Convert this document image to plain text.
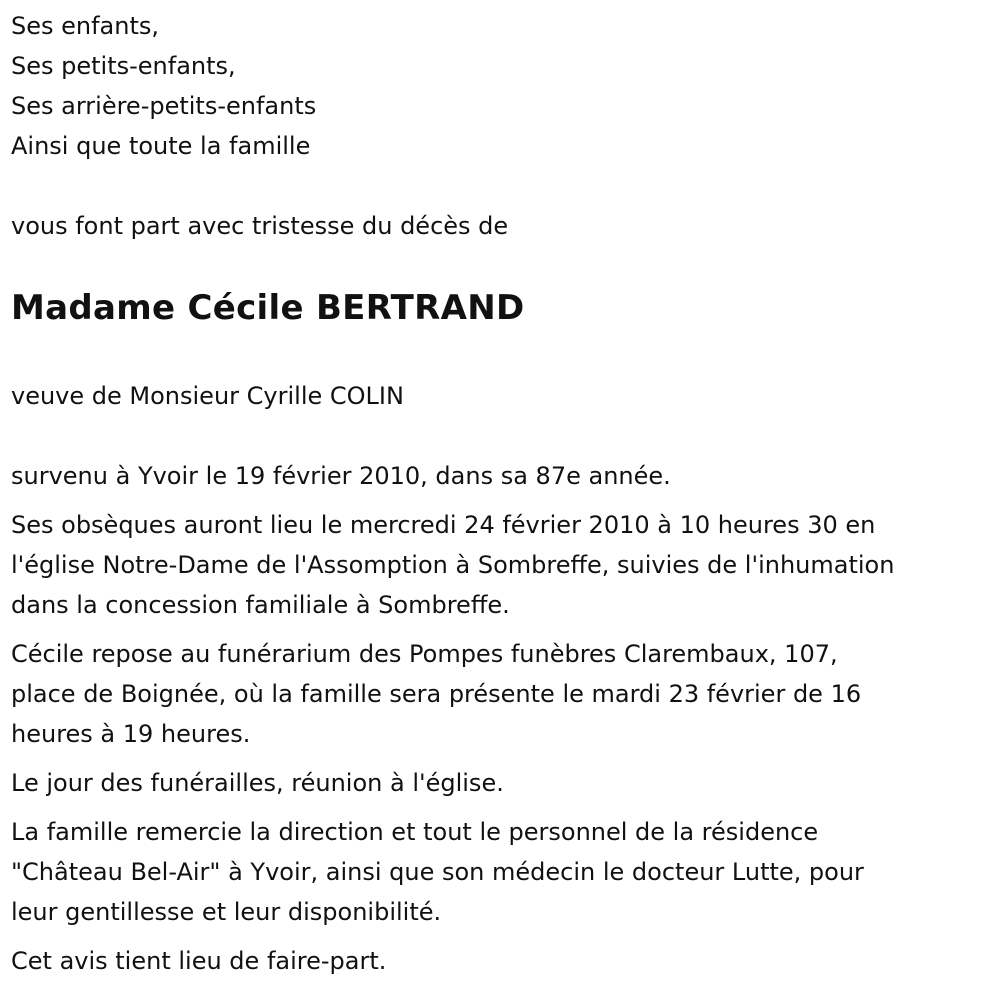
Ses enfants,
Ses petits-enfants,
Ses arrière-petits-enfants
Ainsi que toute la famille
vous font part avec tristesse du décès de
Madame Cécile BERTRAND
veuve de Monsieur Cyrille COLIN
survenu à Yvoir le 19 février 2010, dans sa 87e année.
Ses obsèques auront lieu le mercredi 24 février 2010 à 10 heures 30 en
l'église Notre-Dame de l'Assomption à Sombreffe, suivies de l'inhumation
dans la concession familiale à Sombreffe.
Cécile repose au funérarium des Pompes funèbres Clarembaux, 107,
place de Boignée, où la famille sera présente le mardi 23 février de 16
heures à 19 heures.
Le jour des funérailles, réunion à l'église.
La famille remercie la direction et tout le personnel de la résidence
"Château Bel-Air" à Yvoir, ainsi que son médecin le docteur Lutte, pour
leur gentillesse et leur disponibilité.
Cet avis tient lieu de faire-part.
